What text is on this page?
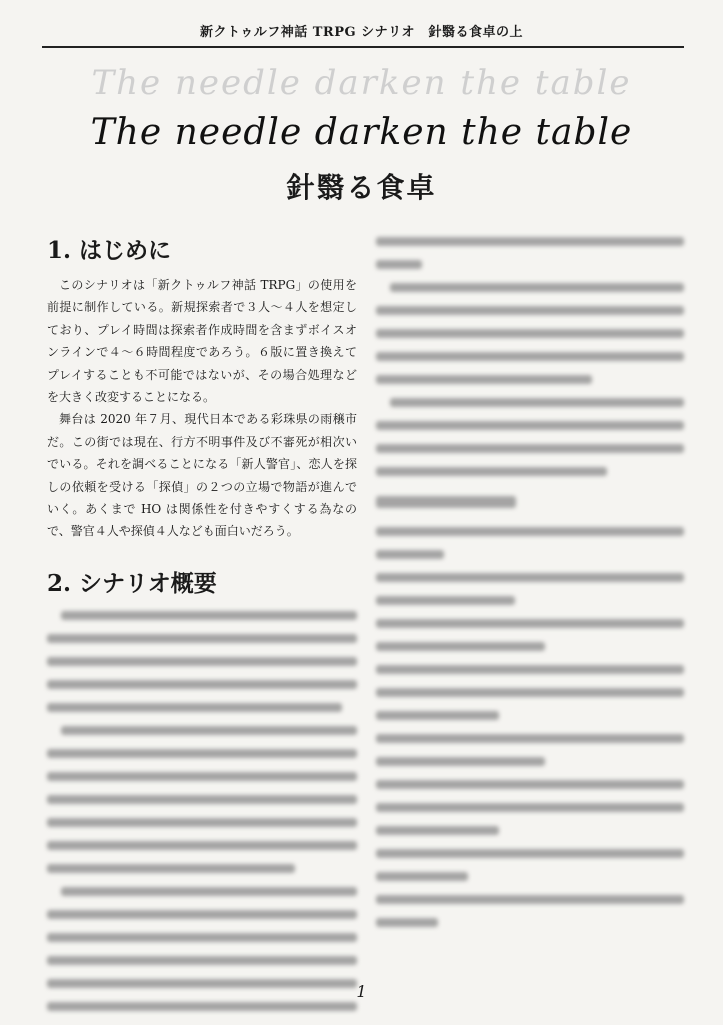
新クトゥルフ神話 TRPG シナリオ　針翳る食卓の上
The needle darken the table
The needle darken the table
針翳る食卓
1. はじめに

このシナリオは「新クトゥルフ神話 TRPG」の使用を前提に制作している。新規探索者で３人～４人を想定しており、プレイ時間は探索者作成時間を含まずボイスオンラインで４～６時間程度であろう。６版に置き換えてプレイすることも不可能ではないが、その場合処理などを大きく改変することになる。

舞台は 2020 年７月、現代日本である彩珠県の雨穣市だ。この街では現在、行方不明事件及び不審死が相次いでいる。それを調べることになる「新人警官」、恋人を探しの依頼を受ける「探偵」の２つの立場で物語が進んでいく。あくまで HO は関係性を付きやすくする為なので、警官４人や探偵４人なども面白いだろう。

2. シナリオ概要
1
